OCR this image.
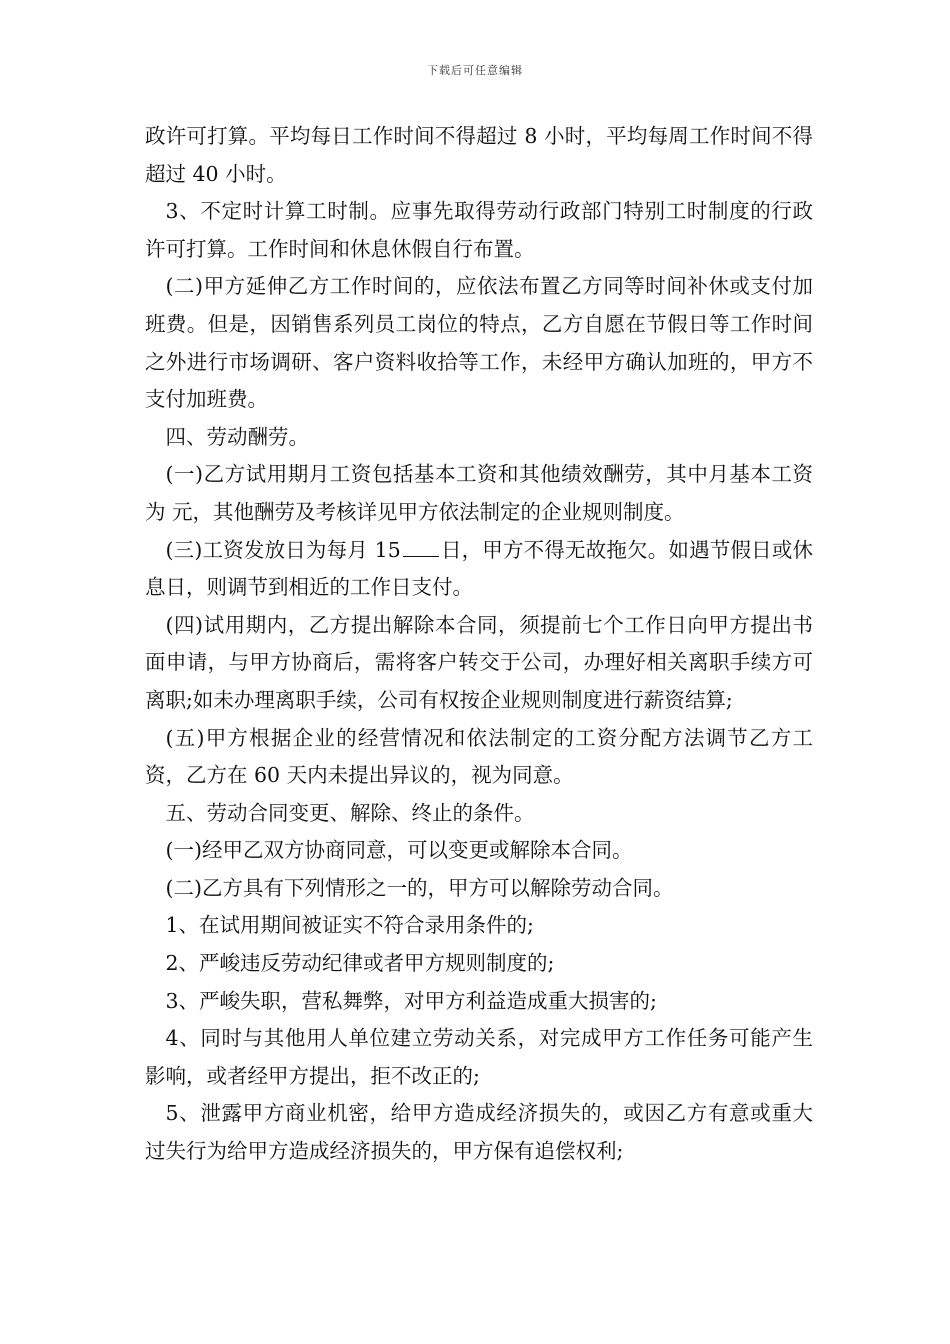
下载后可任意编辑

政许可打算。平均每日工作时间不得超过 8 小时，平均每周工作时间不得超过 40 小时。

3、不定时计算工时制。应事先取得劳动行政部门特别工时制度的行政许可打算。工作时间和休息休假自行布置。

(二)甲方延伸乙方工作时间的，应依法布置乙方同等时间补休或支付加班费。但是，因销售系列员工岗位的特点，乙方自愿在节假日等工作时间之外进行市场调研、客户资料收拾等工作，未经甲方确认加班的，甲方不支付加班费。

四、劳动酬劳。

(一)乙方试用期月工资包括基本工资和其他绩效酬劳，其中月基本工资为 元，其他酬劳及考核详见甲方依法制定的企业规则制度。

(三)工资发放日为每月 15 日，甲方不得无故拖欠。如遇节假日或休息日，则调节到相近的工作日支付。

(四)试用期内，乙方提出解除本合同，须提前七个工作日向甲方提出书面申请，与甲方协商后，需将客户转交于公司，办理好相关离职手续方可离职;如未办理离职手续，公司有权按企业规则制度进行薪资结算;

(五)甲方根据企业的经营情况和依法制定的工资分配方法调节乙方工资，乙方在 60 天内未提出异议的，视为同意。

五、劳动合同变更、解除、终止的条件。

(一)经甲乙双方协商同意，可以变更或解除本合同。

(二)乙方具有下列情形之一的，甲方可以解除劳动合同。

1、在试用期间被证实不符合录用条件的;

2、严峻违反劳动纪律或者甲方规则制度的;

3、严峻失职，营私舞弊，对甲方利益造成重大损害的;

4、同时与其他用人单位建立劳动关系，对完成甲方工作任务可能产生影响，或者经甲方提出，拒不改正的;

5、泄露甲方商业机密，给甲方造成经济损失的，或因乙方有意或重大过失行为给甲方造成经济损失的，甲方保有追偿权利;
